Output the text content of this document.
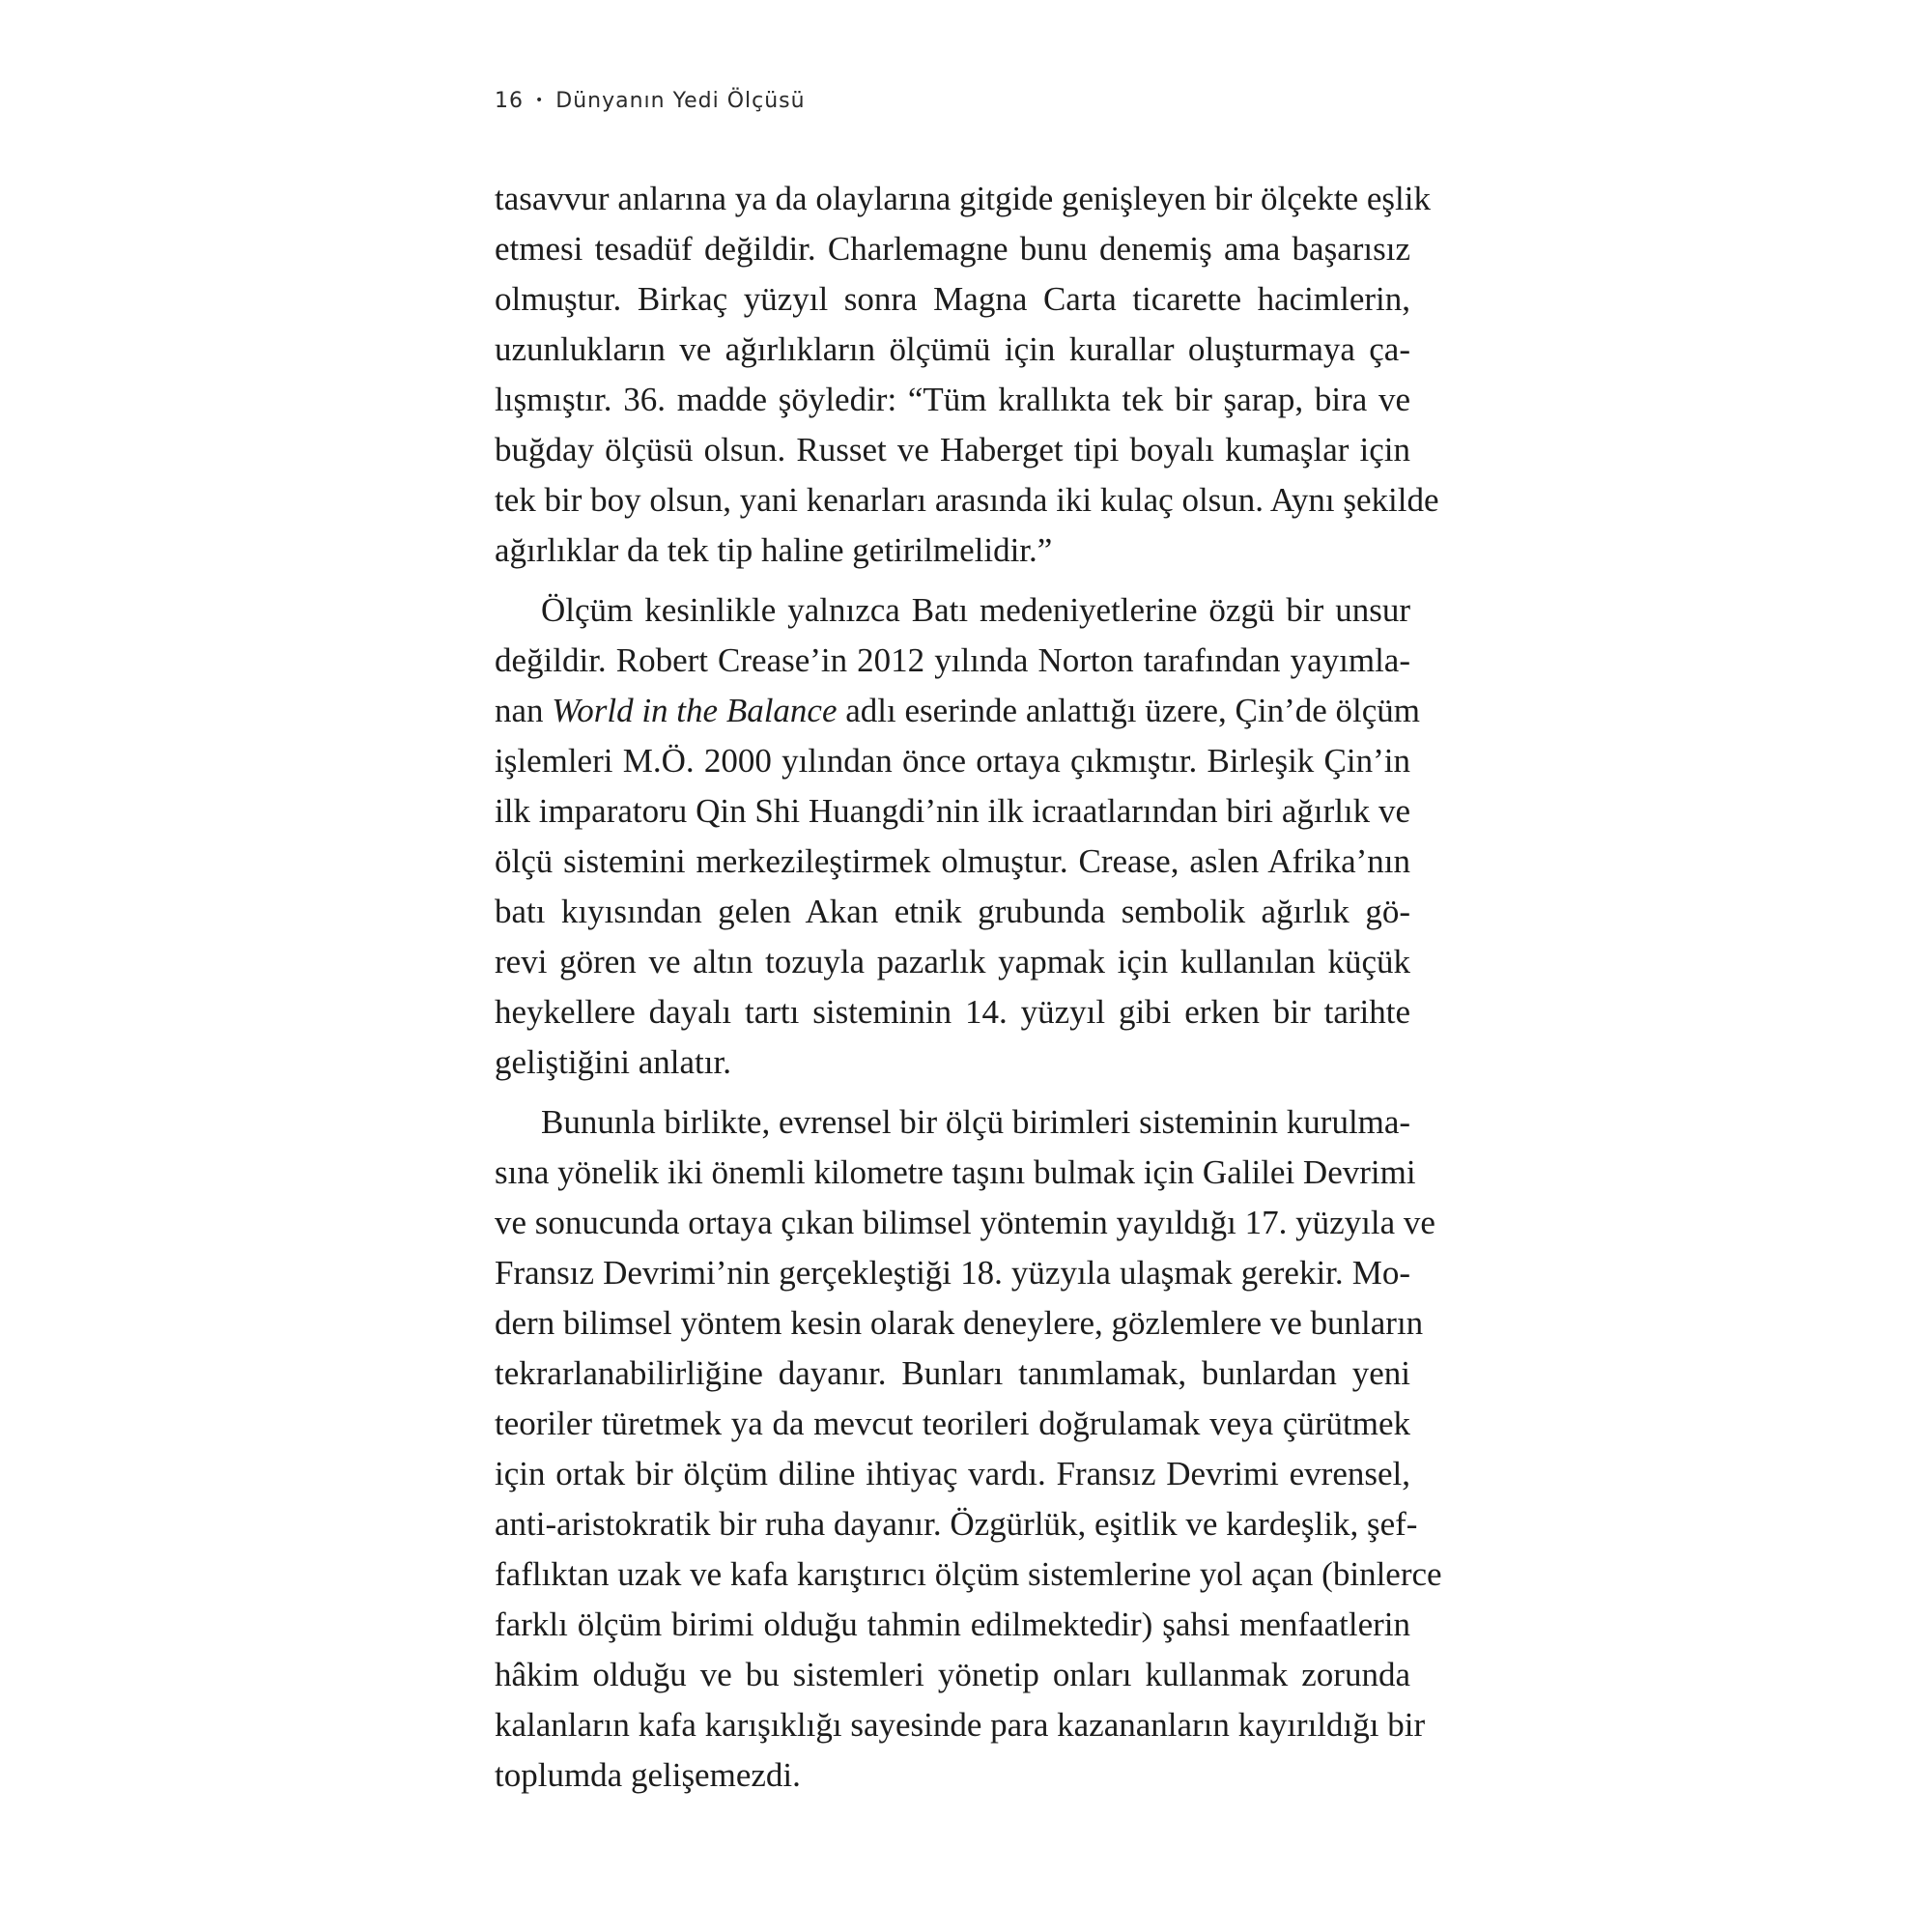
16 • Dünyanın Yedi Ölçüsü

tasavvur anlarına ya da olaylarına gitgide genişleyen bir ölçekte eşlik
etmesi tesadüf değildir. Charlemagne bunu denemiş ama başarısız
olmuştur. Birkaç yüzyıl sonra Magna Carta ticarette hacimlerin,
uzunlukların ve ağırlıkların ölçümü için kurallar oluşturmaya ça-
lışmıştır. 36. madde şöyledir: “Tüm krallıkta tek bir şarap, bira ve
buğday ölçüsü olsun. Russet ve Haberget tipi boyalı kumaşlar için
tek bir boy olsun, yani kenarları arasında iki kulaç olsun. Aynı şekilde
ağırlıklar da tek tip haline getirilmelidir.”

Ölçüm kesinlikle yalnızca Batı medeniyetlerine özgü bir unsur
değildir. Robert Crease’in 2012 yılında Norton tarafından yayımla-
nan World in the Balance adlı eserinde anlattığı üzere, Çin’de ölçüm
işlemleri M.Ö. 2000 yılından önce ortaya çıkmıştır. Birleşik Çin’in
ilk imparatoru Qin Shi Huangdi’nin ilk icraatlarından biri ağırlık ve
ölçü sistemini merkezileştirmek olmuştur. Crease, aslen Afrika’nın
batı kıyısından gelen Akan etnik grubunda sembolik ağırlık gö-
revi gören ve altın tozuyla pazarlık yapmak için kullanılan küçük
heykellere dayalı tartı sisteminin 14. yüzyıl gibi erken bir tarihte
geliştiğini anlatır.

Bununla birlikte, evrensel bir ölçü birimleri sisteminin kurulma-
sına yönelik iki önemli kilometre taşını bulmak için Galilei Devrimi
ve sonucunda ortaya çıkan bilimsel yöntemin yayıldığı 17. yüzyıla ve
Fransız Devrimi’nin gerçekleştiği 18. yüzyıla ulaşmak gerekir. Mo-
dern bilimsel yöntem kesin olarak deneylere, gözlemlere ve bunların
tekrarlanabilirliğine dayanır. Bunları tanımlamak, bunlardan yeni
teoriler türetmek ya da mevcut teorileri doğrulamak veya çürütmek
için ortak bir ölçüm diline ihtiyaç vardı. Fransız Devrimi evrensel,
anti-aristokratik bir ruha dayanır. Özgürlük, eşitlik ve kardeşlik, şef-
faflıktan uzak ve kafa karıştırıcı ölçüm sistemlerine yol açan (binlerce
farklı ölçüm birimi olduğu tahmin edilmektedir) şahsi menfaatlerin
hâkim olduğu ve bu sistemleri yönetip onları kullanmak zorunda
kalanların kafa karışıklığı sayesinde para kazananların kayırıldığı bir
toplumda gelişemezdi.
